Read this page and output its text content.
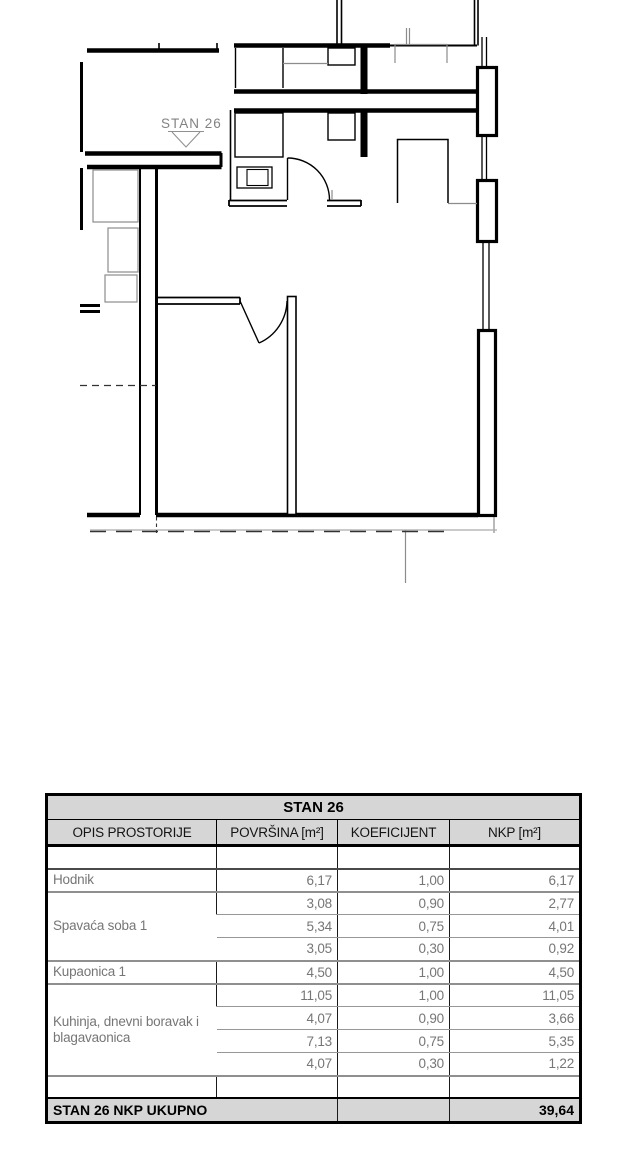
STAN 26
STAN 26			
OPIS PROSTORIJE	POVRŠINA [m²]	KOEFICIJENT	NKP [m²]

Hodnik	6,17	1,00	6,17
Spavaća soba 1	3,08	0,90	2,77
	5,34	0,75	4,01
	3,05	0,30	0,92
Kupaonica 1	4,50	1,00	4,50
Kuhinja, dnevni boravak i blagavaonica	11,05	1,00	11,05
	4,07	0,90	3,66
	7,13	0,75	5,35
	4,07	0,30	1,22

STAN 26 NKP UKUPNO			39,64
